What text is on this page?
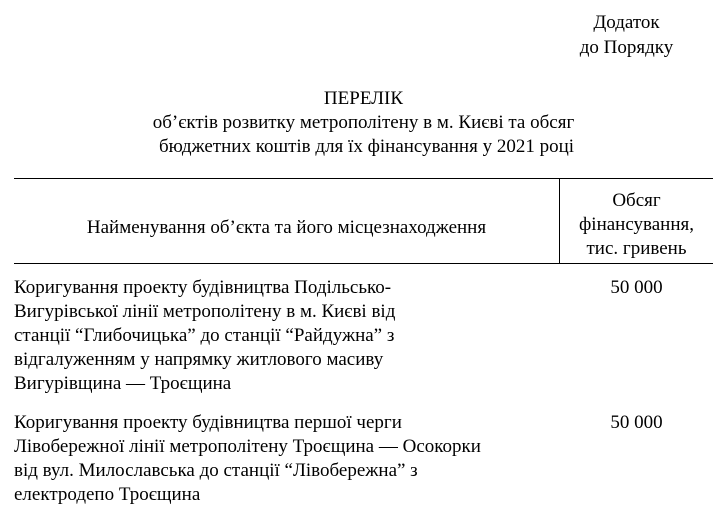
Додаток
до Порядку
ПЕРЕЛІК
об’єктів розвитку метрополітену в м. Києві та обсяг
бюджетних коштів для їх фінансування у 2021 році
Найменування об’єкта та його місцезнаходження
Обсяг
фінансування,
тис. гривень
Коригування проекту будівництва Подільсько-
Вигурівської лінії метрополітену в м. Києві від
станції “Глибочицька” до станції “Райдужна” з
відгалуженням у напрямку житлового масиву
Вигурівщина — Троєщина
50 000
Коригування проекту будівництва першої черги
Лівобережної лінії метрополітену Троєщина — Осокорки
від вул. Милославська до станції “Лівобережна” з
електродепо Троєщина
50 000
